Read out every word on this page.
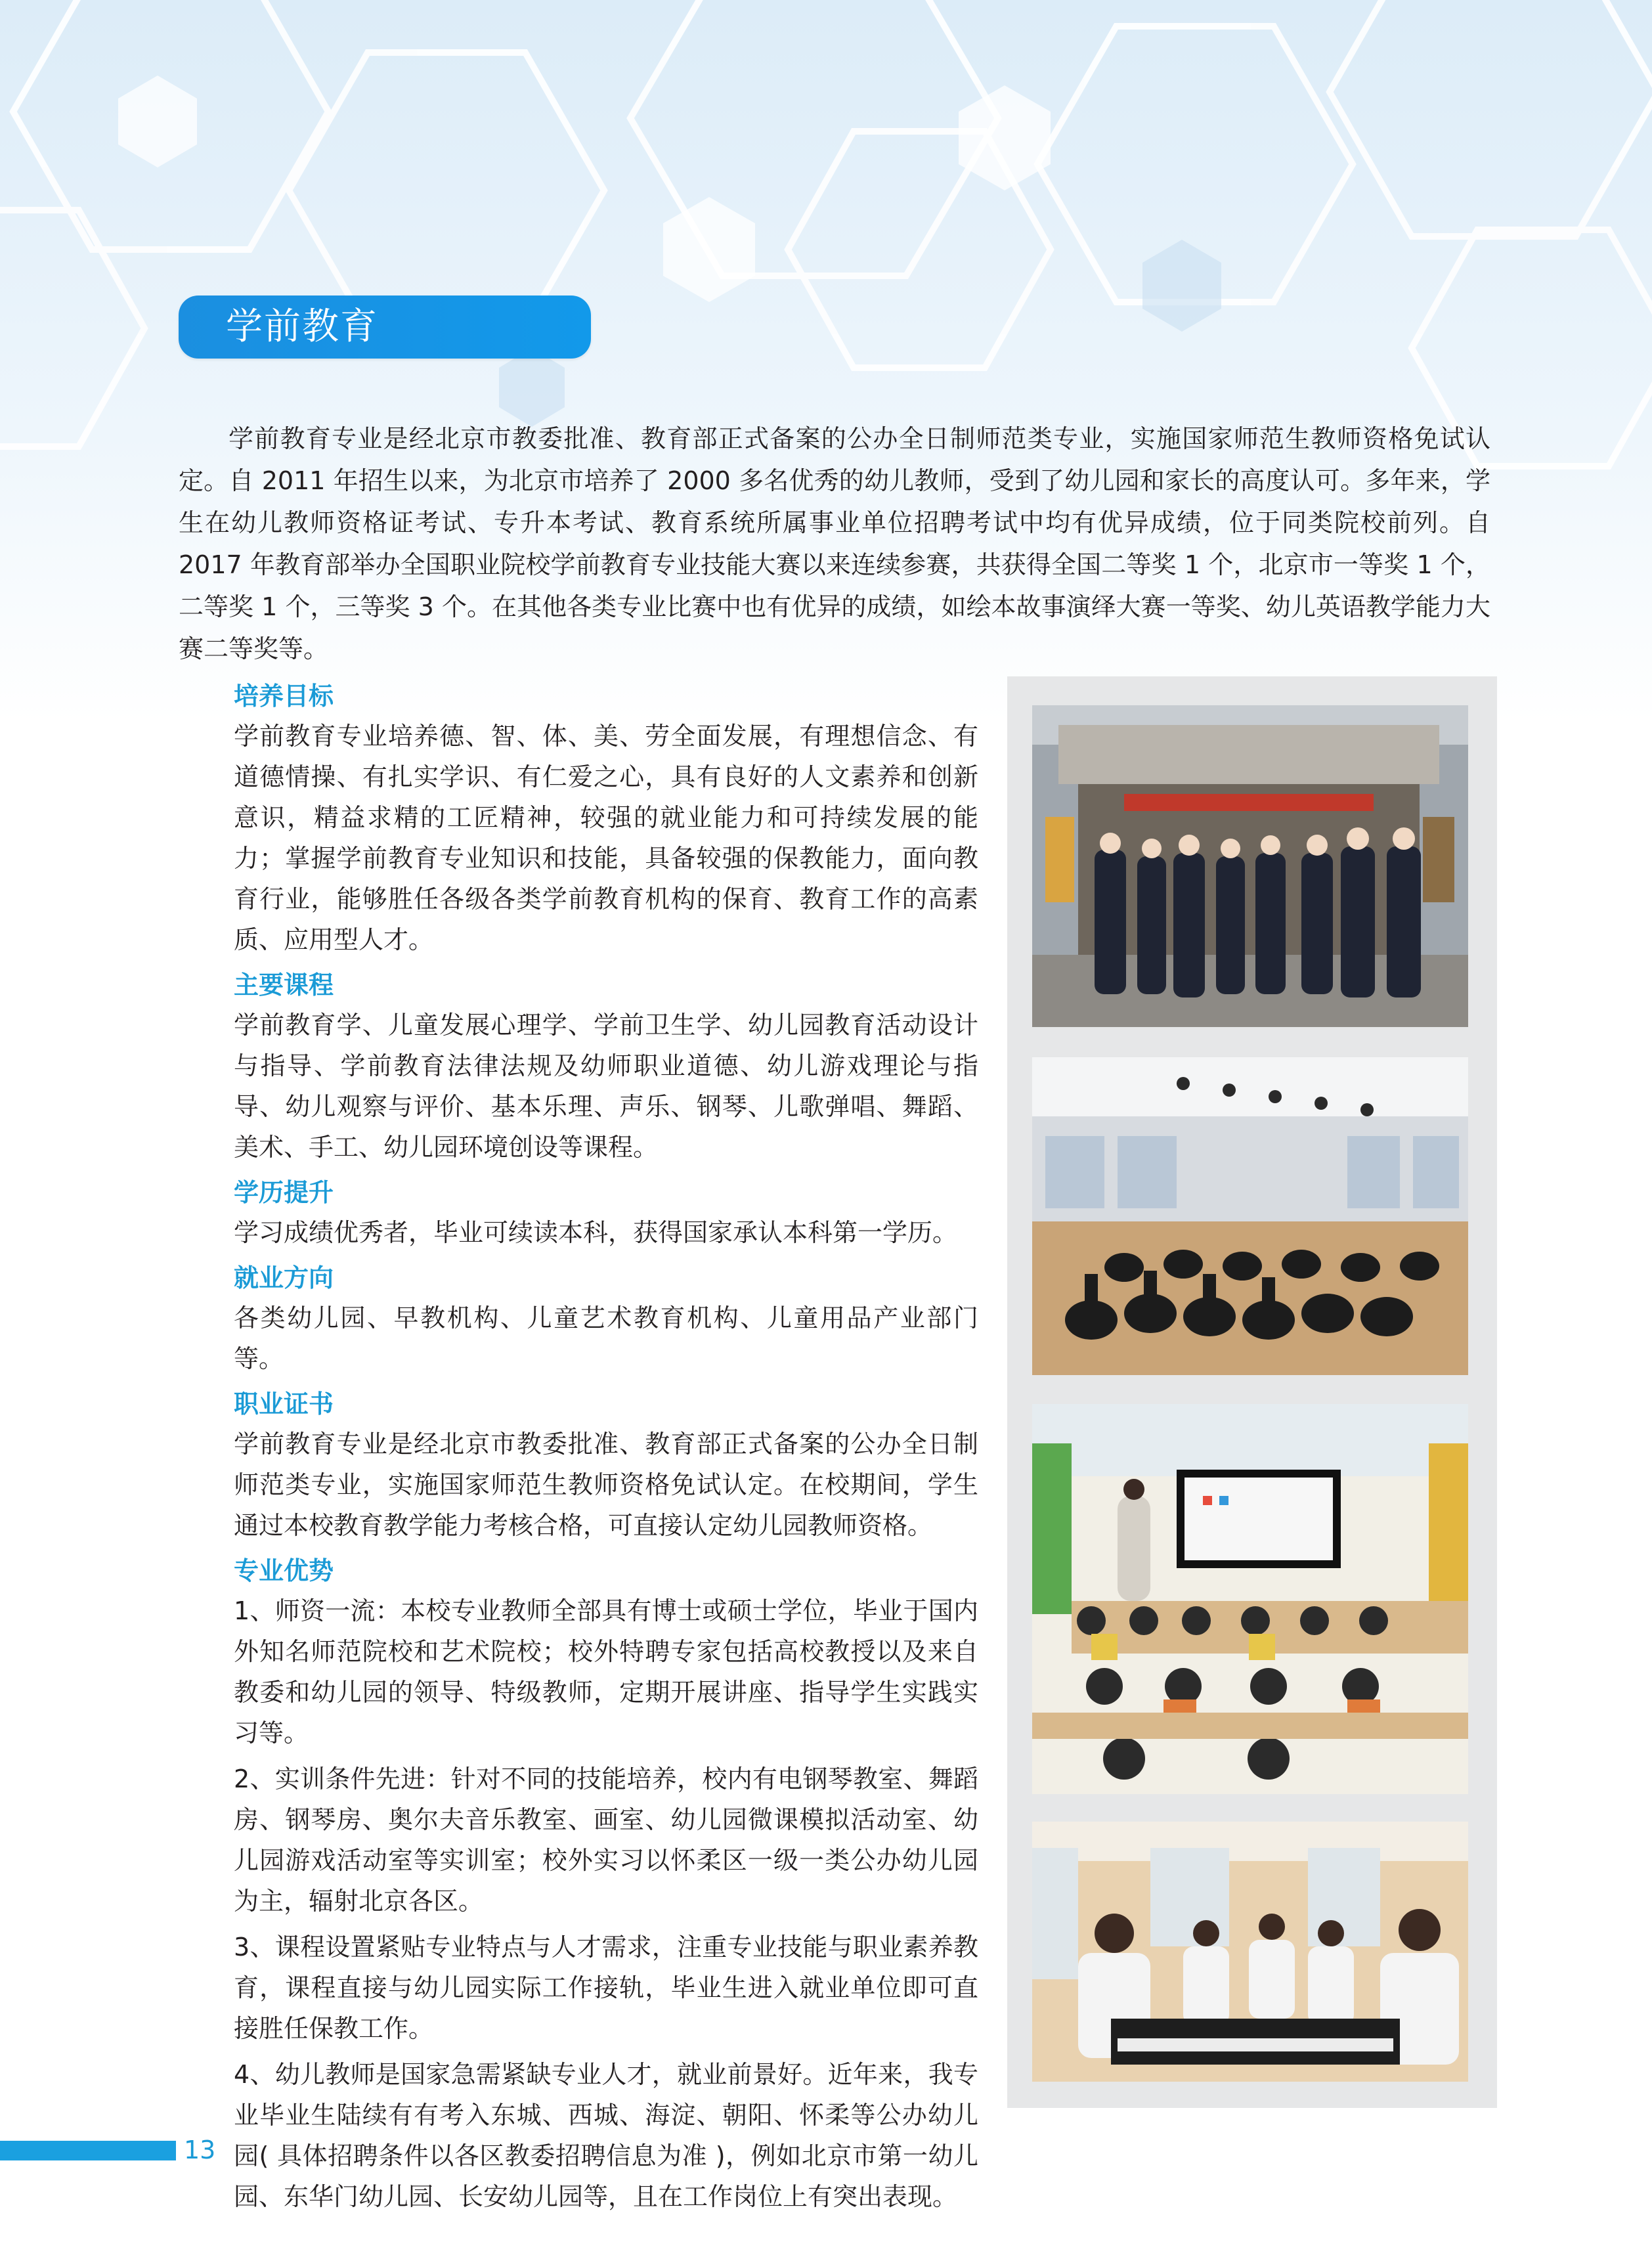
学前教育

学前教育专业是经北京市教委批准、教育部正式备案的公办全日制师范类专业，实施国家师范生教师资格免试认定。自 2011 年招生以来，为北京市培养了 2000 多名优秀的幼儿教师，受到了幼儿园和家长的高度认可。多年来，学生在幼儿教师资格证考试、专升本考试、教育系统所属事业单位招聘考试中均有优异成绩，位于同类院校前列。自 2017 年教育部举办全国职业院校学前教育专业技能大赛以来连续参赛，共获得全国二等奖 1 个，北京市一等奖 1 个，二等奖 1 个，三等奖 3 个。在其他各类专业比赛中也有优异的成绩，如绘本故事演绎大赛一等奖、幼儿英语教学能力大赛二等奖等。

培养目标

学前教育专业培养德、智、体、美、劳全面发展，有理想信念、有道德情操、有扎实学识、有仁爱之心，具有良好的人文素养和创新意识，精益求精的工匠精神，较强的就业能力和可持续发展的能力；掌握学前教育专业知识和技能，具备较强的保教能力，面向教育行业，能够胜任各级各类学前教育机构的保育、教育工作的高素质、应用型人才。

主要课程

学前教育学、儿童发展心理学、学前卫生学、幼儿园教育活动设计与指导、学前教育法律法规及幼师职业道德、幼儿游戏理论与指导、幼儿观察与评价、基本乐理、声乐、钢琴、儿歌弹唱、舞蹈、美术、手工、幼儿园环境创设等课程。

学历提升

学习成绩优秀者，毕业可续读本科，获得国家承认本科第一学历。

就业方向

各类幼儿园、早教机构、儿童艺术教育机构、儿童用品产业部门等。

职业证书

学前教育专业是经北京市教委批准、教育部正式备案的公办全日制师范类专业，实施国家师范生教师资格免试认定。在校期间，学生通过本校教育教学能力考核合格，可直接认定幼儿园教师资格。

专业优势

1、师资一流：本校专业教师全部具有博士或硕士学位，毕业于国内外知名师范院校和艺术院校；校外特聘专家包括高校教授以及来自教委和幼儿园的领导、特级教师，定期开展讲座、指导学生实践实习等。

2、实训条件先进：针对不同的技能培养，校内有电钢琴教室、舞蹈房、钢琴房、奥尔夫音乐教室、画室、幼儿园微课模拟活动室、幼儿园游戏活动室等实训室；校外实习以怀柔区一级一类公办幼儿园为主，辐射北京各区。

3、课程设置紧贴专业特点与人才需求，注重专业技能与职业素养教育，课程直接与幼儿园实际工作接轨，毕业生进入就业单位即可直接胜任保教工作。

4、幼儿教师是国家急需紧缺专业人才，就业前景好。近年来，我专业毕业生陆续有有考入东城、西城、海淀、朝阳、怀柔等公办幼儿园( 具体招聘条件以各区教委招聘信息为准 )，例如北京市第一幼儿园、东华门幼儿园、长安幼儿园等，且在工作岗位上有突出表现。

13
